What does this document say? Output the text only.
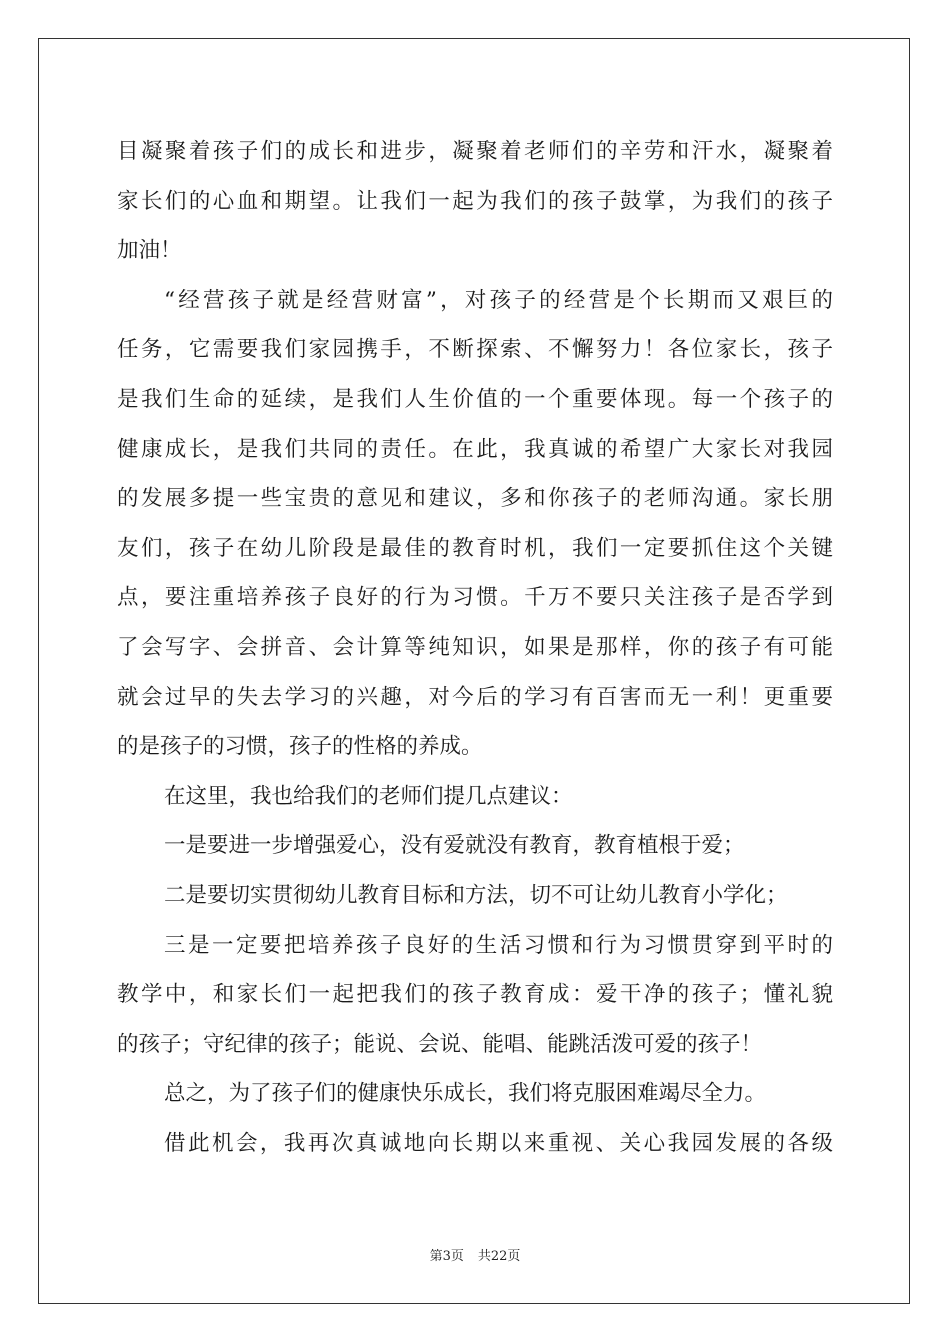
目凝聚着孩子们的成长和进步，凝聚着老师们的辛劳和汗水，凝聚着
家长们的心血和期望。让我们一起为我们的孩子鼓掌，为我们的孩子
加油！
“经营孩子就是经营财富”，对孩子的经营是个长期而又艰巨的
任务，它需要我们家园携手，不断探索、不懈努力！各位家长，孩子
是我们生命的延续，是我们人生价值的一个重要体现。每一个孩子的
健康成长，是我们共同的责任。在此，我真诚的希望广大家长对我园
的发展多提一些宝贵的意见和建议，多和你孩子的老师沟通。家长朋
友们，孩子在幼儿阶段是最佳的教育时机，我们一定要抓住这个关键
点，要注重培养孩子良好的行为习惯。千万不要只关注孩子是否学到
了会写字、会拼音、会计算等纯知识，如果是那样，你的孩子有可能
就会过早的失去学习的兴趣，对今后的学习有百害而无一利！更重要
的是孩子的习惯，孩子的性格的养成。
在这里，我也给我们的老师们提几点建议：
一是要进一步增强爱心，没有爱就没有教育，教育植根于爱；
二是要切实贯彻幼儿教育目标和方法，切不可让幼儿教育小学化；
三是一定要把培养孩子良好的生活习惯和行为习惯贯穿到平时的
教学中，和家长们一起把我们的孩子教育成：爱干净的孩子；懂礼貌
的孩子；守纪律的孩子；能说、会说、能唱、能跳活泼可爱的孩子！
总之，为了孩子们的健康快乐成长，我们将克服困难竭尽全力。
借此机会，我再次真诚地向长期以来重视、关心我园发展的各级
第3页 共22页
